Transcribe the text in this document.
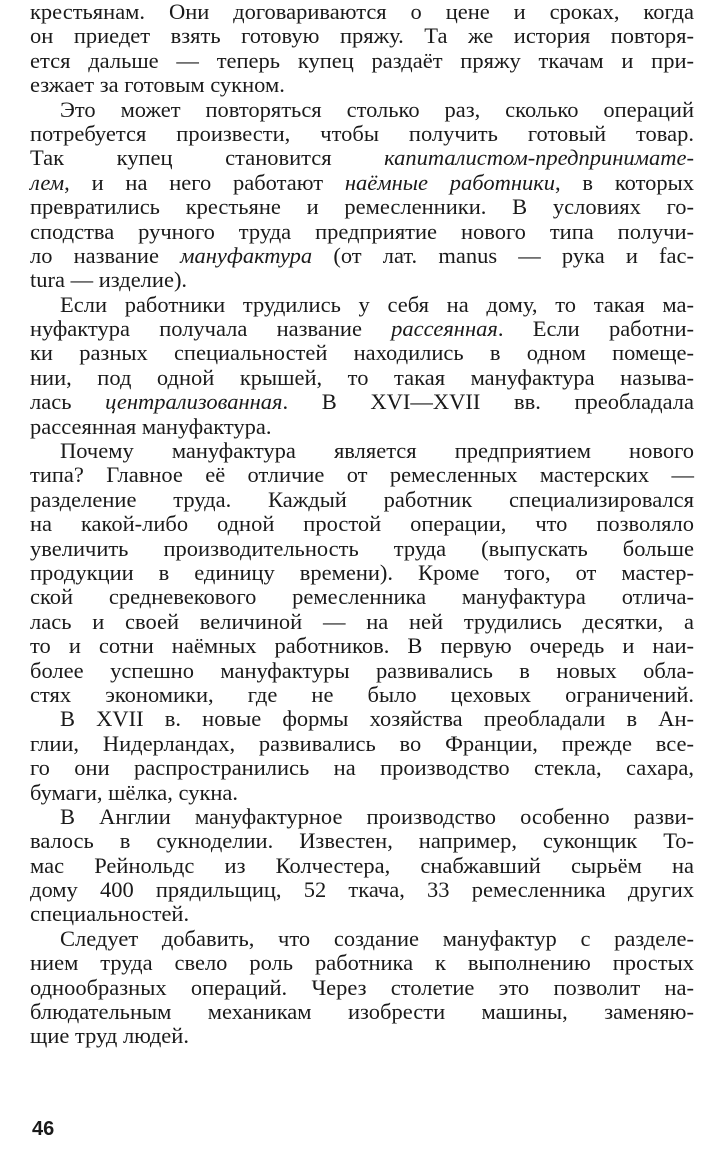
крестьянам. Они договариваются о цене и сроках, когда
он приедет взять готовую пряжу. Та же история повторя-
ется дальше — теперь купец раздаёт пряжу ткачам и при-
езжает за готовым сукном.
Это может повторяться столько раз, сколько операций
потребуется произвести, чтобы получить готовый товар.
Так купец становится капиталистом-предпринимате-
лем, и на него работают наёмные работники, в которых
превратились крестьяне и ремесленники. В условиях го-
сподства ручного труда предприятие нового типа получи-
ло название мануфактура (от лат. manus — рука и fac-
tura — изделие).
Если работники трудились у себя на дому, то такая ма-
нуфактура получала название рассеянная. Если работни-
ки разных специальностей находились в одном помеще-
нии, под одной крышей, то такая мануфактура называ-
лась централизованная. В XVI—XVII вв. преобладала
рассеянная мануфактура.
Почему мануфактура является предприятием нового
типа? Главное её отличие от ремесленных мастерских —
разделение труда. Каждый работник специализировался
на какой-либо одной простой операции, что позволяло
увеличить производительность труда (выпускать больше
продукции в единицу времени). Кроме того, от мастер-
ской средневекового ремесленника мануфактура отлича-
лась и своей величиной — на ней трудились десятки, а
то и сотни наёмных работников. В первую очередь и наи-
более успешно мануфактуры развивались в новых обла-
стях экономики, где не было цеховых ограничений.
В XVII в. новые формы хозяйства преобладали в Ан-
глии, Нидерландах, развивались во Франции, прежде все-
го они распространились на производство стекла, сахара,
бумаги, шёлка, сукна.
В Англии мануфактурное производство особенно разви-
валось в сукноделии. Известен, например, суконщик То-
мас Рейнольдс из Колчестера, снабжавший сырьём на
дому 400 прядильщиц, 52 ткача, 33 ремесленника других
специальностей.
Следует добавить, что создание мануфактур с разделе-
нием труда свело роль работника к выполнению простых
однообразных операций. Через столетие это позволит на-
блюдательным механикам изобрести машины, заменяю-
щие труд людей.
46
